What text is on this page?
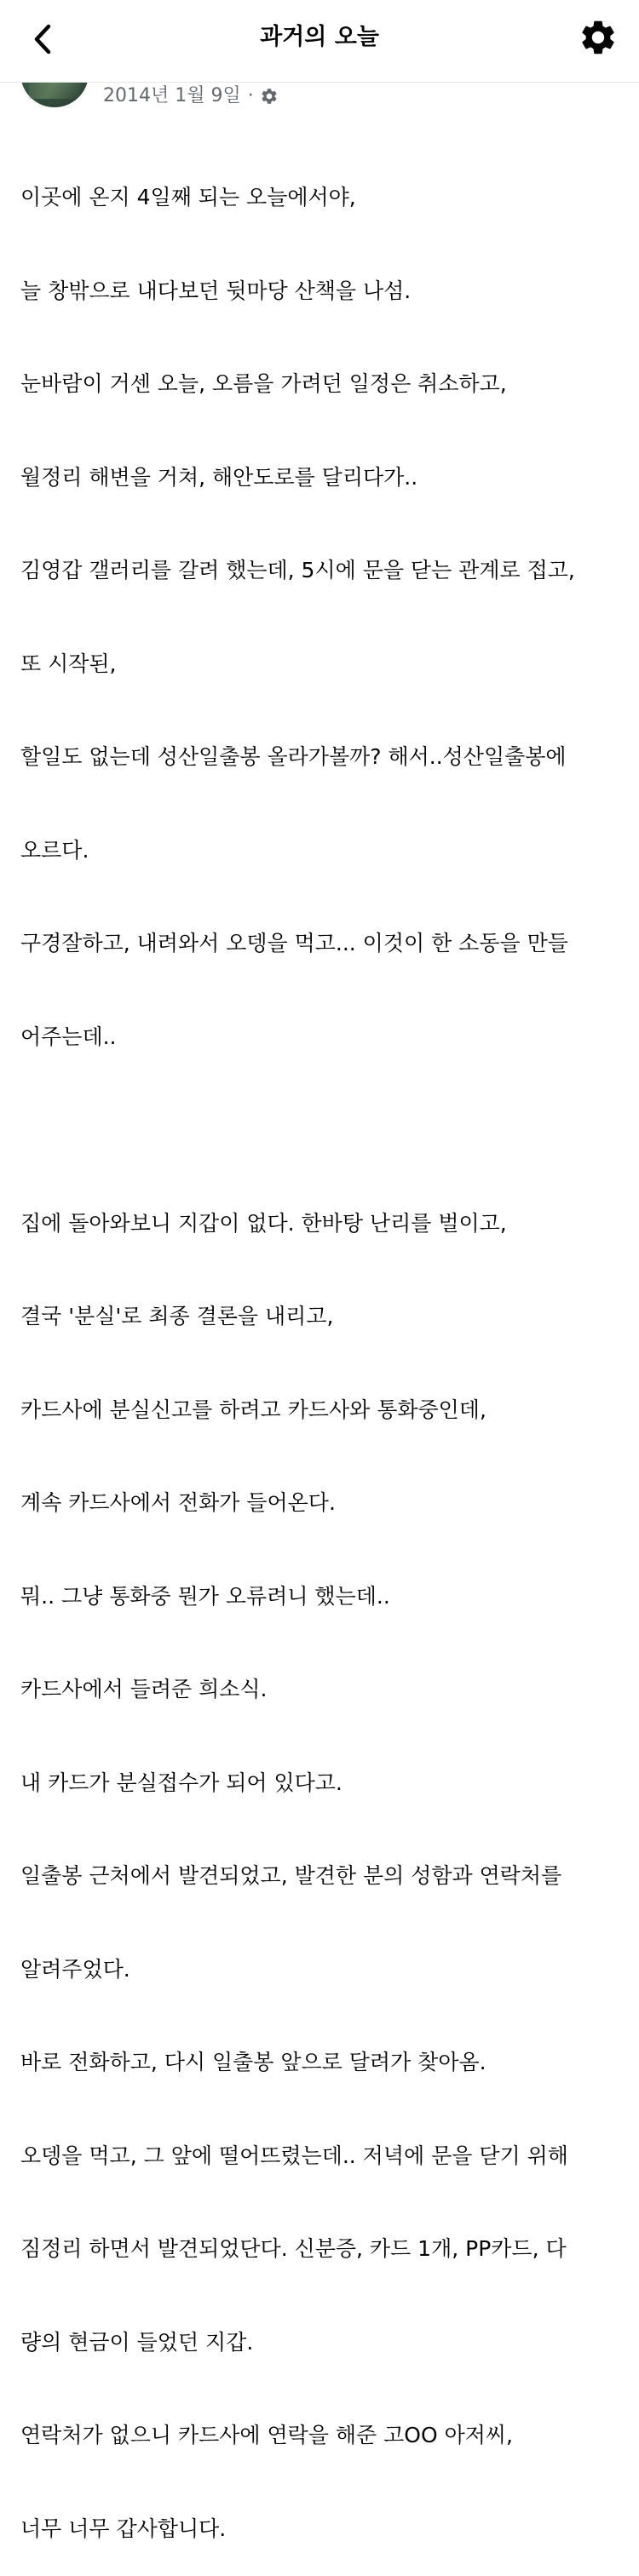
과거의 오늘
2014년 1월 9일 ·

이곳에 온지 4일째 되는 오늘에서야,

늘 창밖으로 내다보던 뒷마당 산책을 나섬.

눈바람이 거센 오늘, 오름을 가려던 일정은 취소하고,

월정리 해변을 거쳐, 해안도로를 달리다가..

김영갑 갤러리를 갈려 했는데, 5시에 문을 닫는 관계로 접고,

또 시작된,

할일도 없는데 성산일출봉 올라가볼까? 해서..성산일출봉에

오르다.

구경잘하고, 내려와서 오뎅을 먹고... 이것이 한 소동을 만들

어주는데..

집에 돌아와보니 지갑이 없다. 한바탕 난리를 벌이고,

결국 '분실'로 최종 결론을 내리고,

카드사에 분실신고를 하려고 카드사와 통화중인데,

계속 카드사에서 전화가 들어온다.

뭐.. 그냥 통화중 뭔가 오류려니 했는데..

카드사에서 들려준 희소식.

내 카드가 분실접수가 되어 있다고.

일출봉 근처에서 발견되었고, 발견한 분의 성함과 연락처를

알려주었다.

바로 전화하고, 다시 일출봉 앞으로 달려가 찾아옴.

오뎅을 먹고, 그 앞에 떨어뜨렸는데.. 저녁에 문을 닫기 위해

짐정리 하면서 발견되었단다. 신분증, 카드 1개, PP카드, 다

량의 현금이 들었던 지갑.

연락처가 없으니 카드사에 연락을 해준 고OO 아저씨,

너무 너무 갑사합니다.
